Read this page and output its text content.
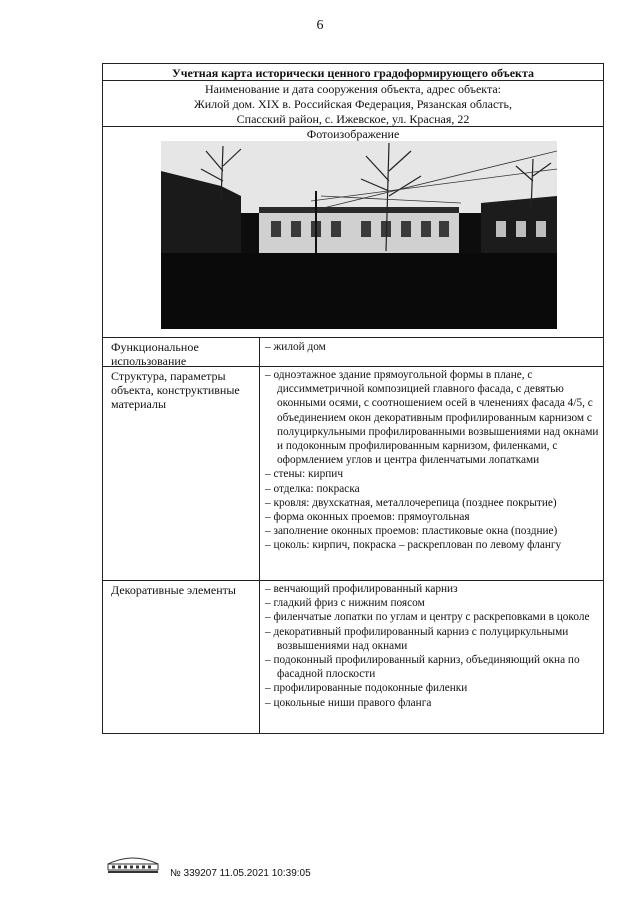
6
Учетная карта исторически ценного градоформирующего объекта
Наименование и дата сооружения объекта, адрес объекта:
Жилой дом. XIX в. Российская Федерация, Рязанская область,
Спасский район, с. Ижевское, ул. Красная, 22
Фотоизображение
Функциональное использование
– жилой дом
Структура, параметры объекта, конструктивные материалы
– одноэтажное здание прямоугольной формы в плане, с диссимметричной композицией главного фасада, с девятью оконными осями, с соотношением осей в членениях фасада 4/5, с объединением окон декоративным профилированным карнизом с полуциркульными профилированными возвышениями над окнами и подоконным профилированным карнизом, филенками, с оформлением углов и центра филенчатыми лопатками
– стены: кирпич
– отделка: покраска
– кровля: двухскатная, металлочерепица (позднее покрытие)
– форма оконных проемов: прямоугольная
– заполнение оконных проемов: пластиковые окна (поздние)
– цоколь: кирпич, покраска – раскреплован по левому флангу
Декоративные элементы
–	венчающий профилированный карниз
– гладкий фриз с нижним поясом
– филенчатые лопатки по углам и центру с раскреповками в цоколе
– декоративный профилированный карниз с полуциркульными возвышениями над окнами
– подоконный профилированный карниз, объединяющий окна по фасадной плоскости
– профилированные подоконные филенки
– цокольные ниши правого фланга
№ 339207 11.05.2021 10:39:05
